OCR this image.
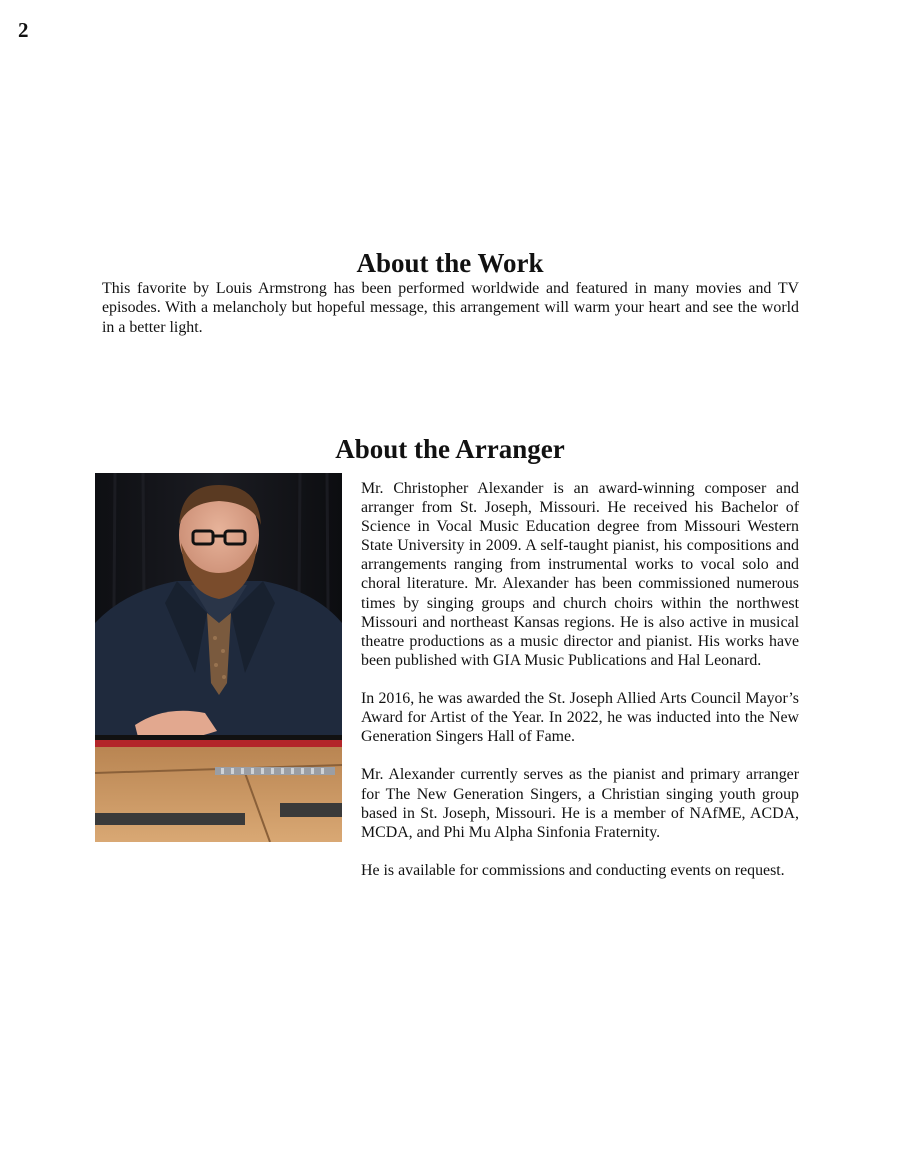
2
About the Work

This favorite by Louis Armstrong has been performed worldwide and featured in many movies and TV episodes. With a melancholy but hopeful message, this arrangement will warm your heart and see the world in a better light.

About the Arranger

Mr. Christopher Alexander is an award-winning composer and arranger from St. Joseph, Missouri. He received his Bachelor of Science in Vocal Music Education degree from Missouri Western State University in 2009. A self-taught pianist, his compositions and arrangements ranging from instrumental works to vocal solo and choral literature. Mr. Alexander has been commissioned numerous times by singing groups and church choirs within the northwest Missouri and northeast Kansas regions. He is also active in musical theatre productions as a music director and pianist. His works have been published with GIA Music Publications and Hal Leonard.

In 2016, he was awarded the St. Joseph Allied Arts Council Mayor’s Award for Artist of the Year. In 2022, he was inducted into the New Generation Singers Hall of Fame.

Mr. Alexander currently serves as the pianist and primary arranger for The New Generation Singers, a Christian singing youth group based in St. Joseph, Missouri. He is a member of NAfME, ACDA, MCDA, and Phi Mu Alpha Sinfonia Fraternity.

He is available for commissions and conducting events on request.
